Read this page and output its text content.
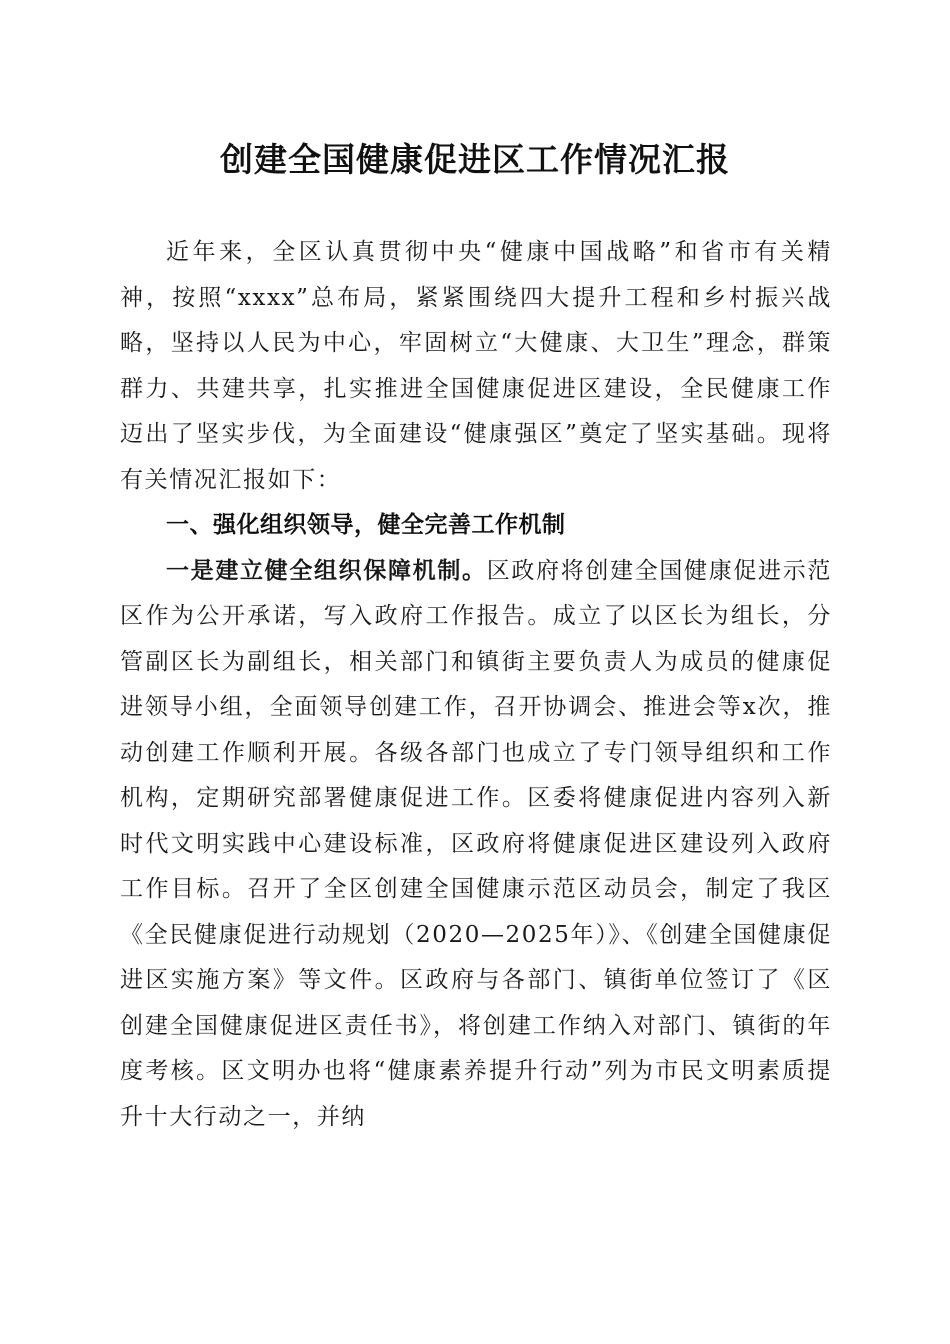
创建全国健康促进区工作情况汇报

近年来，全区认真贯彻中央“健康中国战略”和省市有关精神，按照“xxxx”总布局，紧紧围绕四大提升工程和乡村振兴战略，坚持以人民为中心，牢固树立“大健康、大卫生”理念，群策群力、共建共享，扎实推进全国健康促进区建设，全民健康工作迈出了坚实步伐，为全面建设“健康强区”奠定了坚实基础。现将有关情况汇报如下：

一、强化组织领导，健全完善工作机制

一是建立健全组织保障机制。区政府将创建全国健康促进示范区作为公开承诺，写入政府工作报告。成立了以区长为组长，分管副区长为副组长，相关部门和镇街主要负责人为成员的健康促进领导小组，全面领导创建工作，召开协调会、推进会等x次，推动创建工作顺利开展。各级各部门也成立了专门领导组织和工作机构，定期研究部署健康促进工作。区委将健康促进内容列入新时代文明实践中心建设标准，区政府将健康促进区建设列入政府工作目标。召开了全区创建全国健康示范区动员会，制定了我区《全民健康促进行动规划（2020—2025年）》、《创建全国健康促进区实施方案》等文件。区政府与各部门、镇街单位签订了《区创建全国健康促进区责任书》，将创建工作纳入对部门、镇街的年度考核。区文明办也将“健康素养提升行动”列为市民文明素质提升十大行动之一，并纳
